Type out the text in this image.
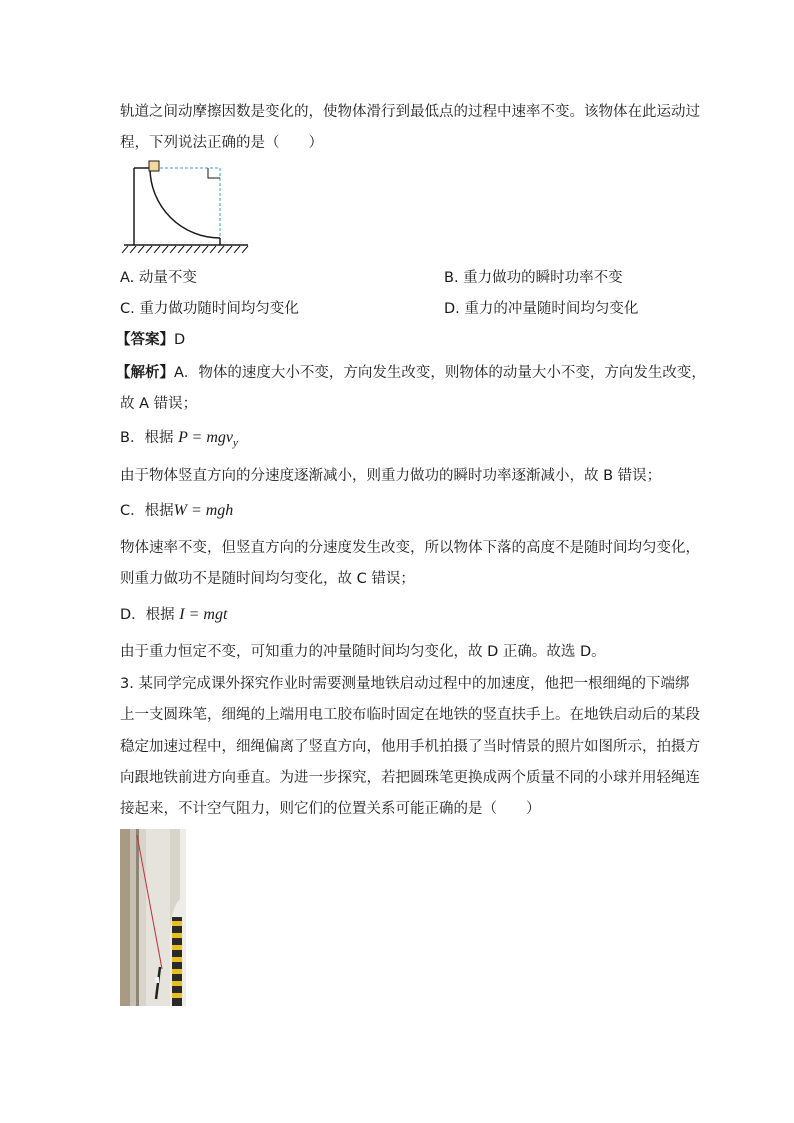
轨道之间动摩擦因数是变化的，使物体滑行到最低点的过程中速率不变。该物体在此运动过
程，下列说法正确的是（　　）
A. 动量不变	B. 重力做功的瞬时功率不变
C. 重力做功随时间均匀变化	D. 重力的冲量随时间均匀变化
【答案】D
【解析】A．物体的速度大小不变，方向发生改变，则物体的动量大小不变，方向发生改变，
故 A 错误；
B．根据 P = mgv$_y$
由于物体竖直方向的分速度逐渐减小，则重力做功的瞬时功率逐渐减小，故 B 错误；
C．根据W = mgh
物体速率不变，但竖直方向的分速度发生改变，所以物体下落的高度不是随时间均匀变化，
则重力做功不是随时间均匀变化，故 C 错误；
D．根据 I = mgt
由于重力恒定不变，可知重力的冲量随时间均匀变化，故 D 正确。故选 D。
3. 某同学完成课外探究作业时需要测量地铁启动过程中的加速度，他把一根细绳的下端绑
上一支圆珠笔，细绳的上端用电工胶布临时固定在地铁的竖直扶手上。在地铁启动后的某段
稳定加速过程中，细绳偏离了竖直方向，他用手机拍摄了当时情景的照片如图所示，拍摄方
向跟地铁前进方向垂直。为进一步探究，若把圆珠笔更换成两个质量不同的小球并用轻绳连
接起来，不计空气阻力，则它们的位置关系可能正确的是（　　）
